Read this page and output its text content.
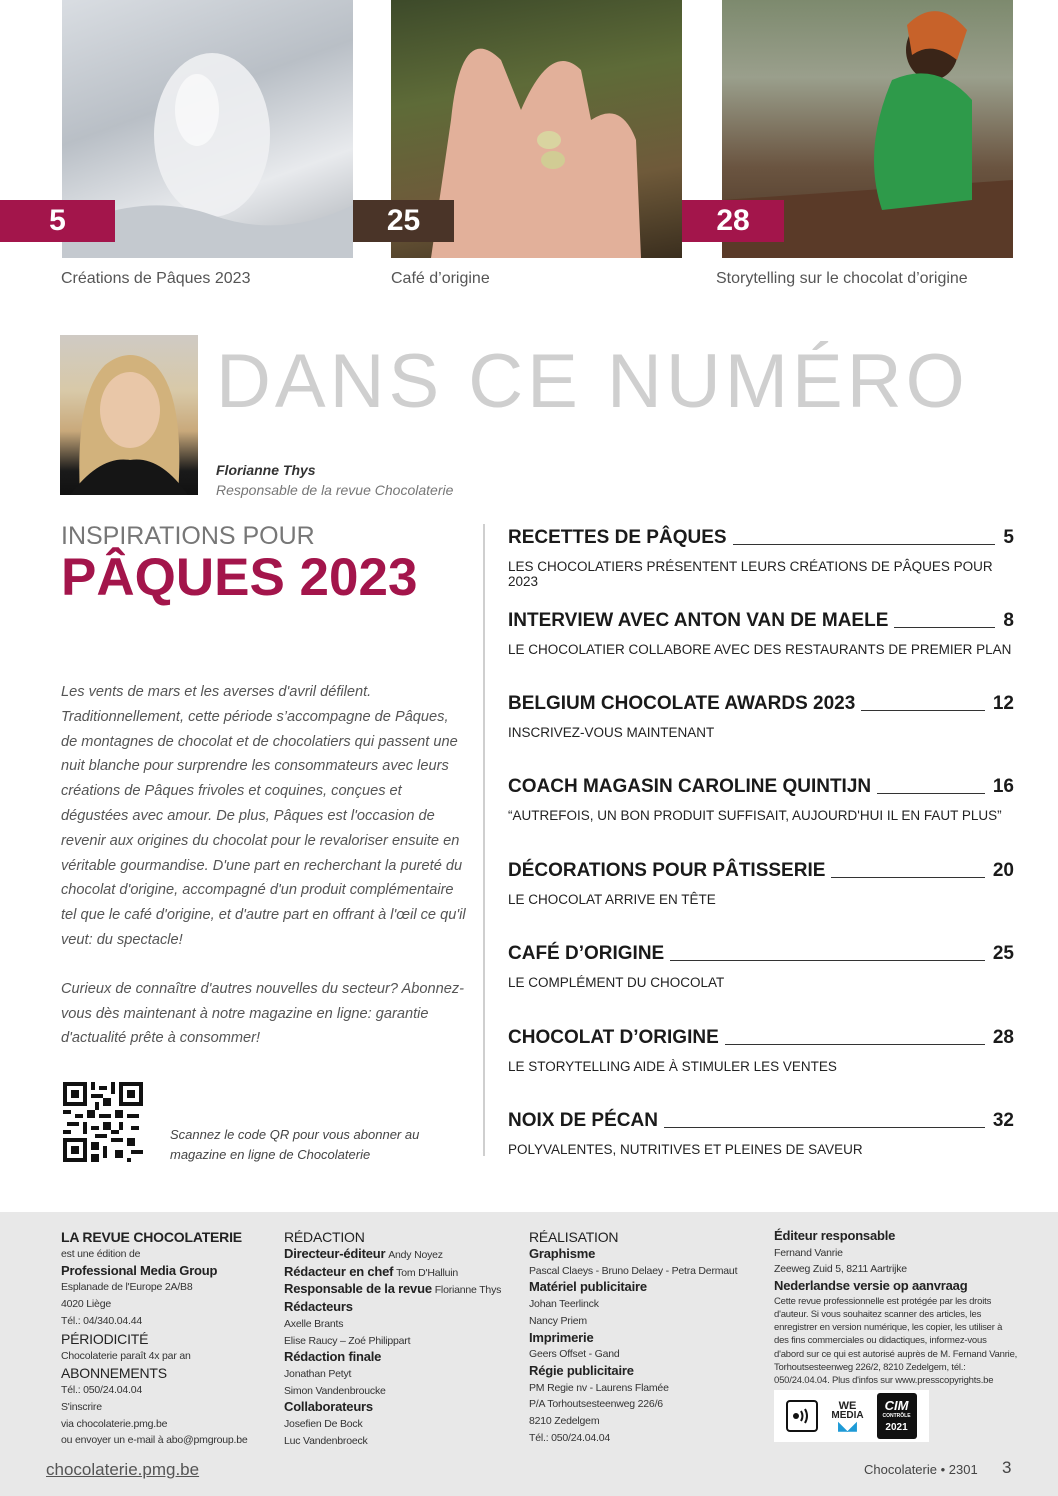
5	25	28
Créations de Pâques 2023	Café d’origine	Storytelling sur le chocolat d’origine
DANS CE NUMÉRO
Florianne Thys
Responsable de la revue Chocolaterie
INSPIRATIONS POUR
PÂQUES 2023

Les vents de mars et les averses d'avril défilent. Traditionnellement, cette période s’accompagne de Pâques, de montagnes de chocolat et de chocolatiers qui passent une nuit blanche pour surprendre les consommateurs avec leurs créations de Pâques frivoles et coquines, conçues et dégustées avec amour. De plus, Pâques est l'occasion de revenir aux origines du chocolat pour le revaloriser ensuite en véritable gourmandise. D'une part en recherchant la pureté du chocolat d'origine, accompagné d'un produit complémentaire tel que le café d'origine, et d'autre part en offrant à l'œil ce qu'il veut: du spectacle!

Curieux de connaître d'autres nouvelles du secteur? Abonnez-vous dès maintenant à notre magazine en ligne: garantie d'actualité prête à consommer!

Scannez le code QR pour vous abonner au magazine en ligne de Chocolaterie
RECETTES DE PÂQUES	5
LES CHOCOLATIERS PRÉSENTENT LEURS CRÉATIONS DE PÂQUES POUR 2023
INTERVIEW AVEC ANTON VAN DE MAELE	8
LE CHOCOLATIER COLLABORE AVEC DES RESTAURANTS DE PREMIER PLAN
BELGIUM CHOCOLATE AWARDS 2023	12
INSCRIVEZ-VOUS MAINTENANT
COACH MAGASIN CAROLINE QUINTIJN	16
“AUTREFOIS, UN BON PRODUIT SUFFISAIT, AUJOURD'HUI IL EN FAUT PLUS”
DÉCORATIONS POUR PÂTISSERIE	20
LE CHOCOLAT ARRIVE EN TÊTE
CAFÉ D’ORIGINE	25
LE COMPLÉMENT DU CHOCOLAT
CHOCOLAT D’ORIGINE	28
LE STORYTELLING AIDE À STIMULER LES VENTES
NOIX DE PÉCAN	32
POLYVALENTES, NUTRITIVES ET PLEINES DE SAVEUR
LA REVUE CHOCOLATERIE
est une édition de
Professional Media Group
Esplanade de l'Europe 2A/B8
4020 Liège
Tél.: 04/340.04.44
PÉRIODICITÉ
Chocolaterie paraît 4x par an
ABONNEMENTS
Tél.: 050/24.04.04
S'inscrire
via chocolaterie.pmg.be
ou envoyer un e-mail à abo@pmgroup.be
RÉDACTION
Directeur-éditeur Andy Noyez
Rédacteur en chef Tom D'Halluin
Responsable de la revue Florianne Thys
Rédacteurs
Axelle Brants
Elise Raucy – Zoé Philippart
Rédaction finale
Jonathan Petyt
Simon Vandenbroucke
Collaborateurs
Josefien De Bock
Luc Vandenbroeck
RÉALISATION
Graphisme
Pascal Claeys - Bruno Delaey - Petra Dermaut
Matériel publicitaire
Johan Teerlinck
Nancy Priem
Imprimerie
Geers Offset - Gand
Régie publicitaire
PM Regie nv - Laurens Flamée
P/A Torhoutsesteenweg 226/6
8210 Zedelgem
Tél.: 050/24.04.04
Éditeur responsable
Fernand Vanrie
Zeeweg Zuid 5, 8211 Aartrijke
Nederlandse versie op aanvraag
Cette revue professionnelle est protégée par les droits d'auteur. Si vous souhaitez scanner des articles, les enregistrer en version numérique, les copier, les utiliser à des fins commerciales ou didactiques, informez-vous d'abord sur ce qui est autorisé auprès de M. Fernand Vanrie, Torhoutsesteenweg 226/2, 8210 Zedelgem, tél.: 050/24.04.04. Plus d'infos sur www.presscopyrights.be
WE
MEDIA
◣◢
CIM
CONTRÔLE
2021
chocolaterie.pmg.be	Chocolaterie • 2301 3
